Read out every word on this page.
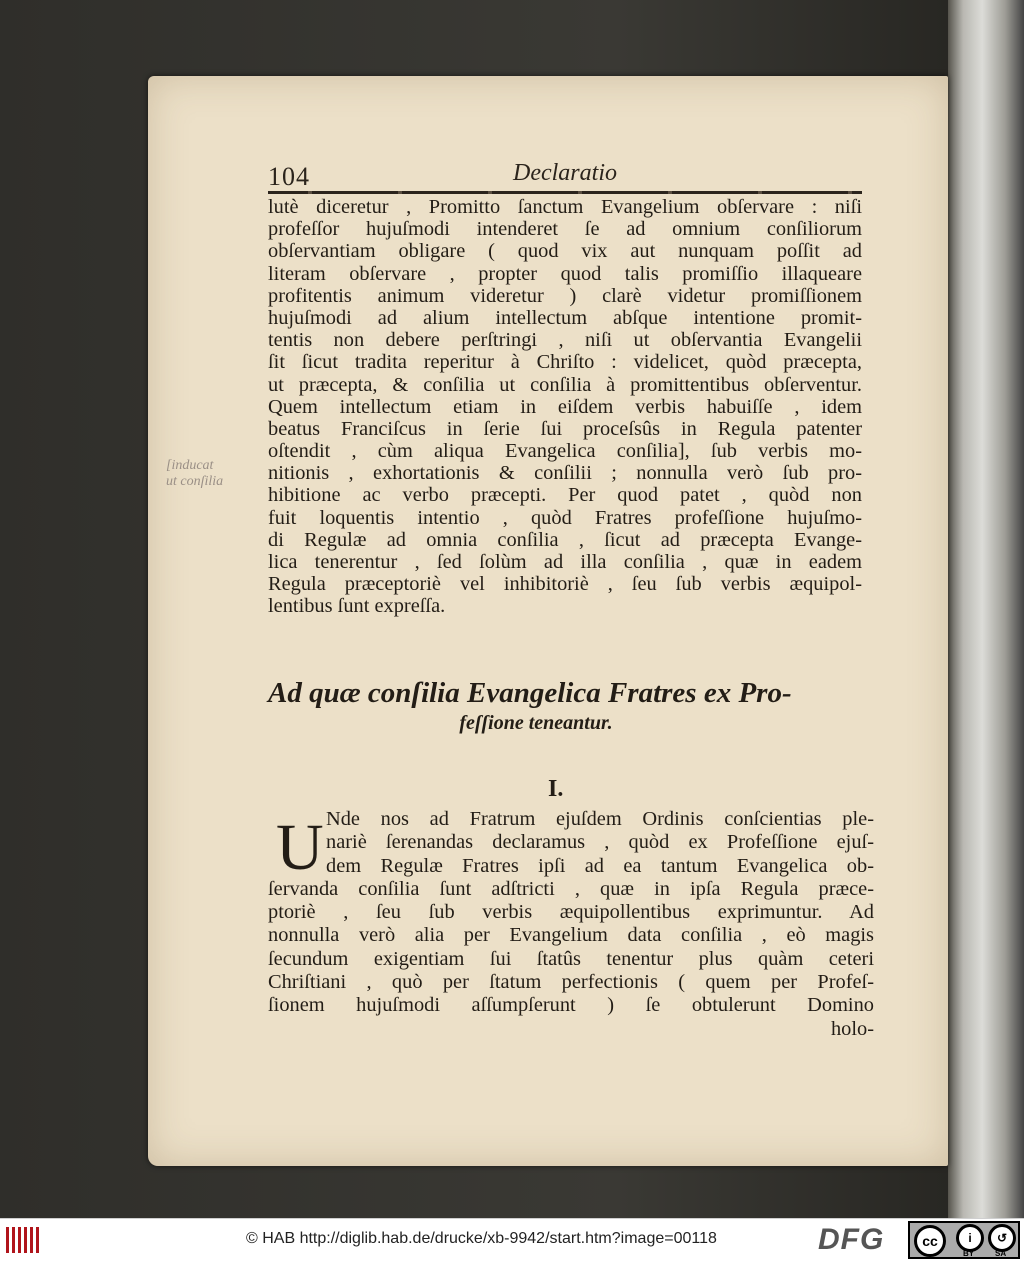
104	Declaratio
lutè diceretur , Promitto ſanctum Evangelium obſervare : niſi
profeſſor hujuſmodi intenderet ſe ad omnium conſiliorum
obſervantiam obligare ( quod vix aut nunquam poſſit ad
literam obſervare , propter quod talis promiſſio illaqueare
profitentis animum videretur ) clarè videtur promiſſionem
hujuſmodi ad alium intellectum abſque intentione promit-
tentis non debere perſtringi , niſi ut obſervantia Evangelii
ſit ſicut tradita reperitur à Chriſto : videlicet, quòd præcepta,
ut præcepta, & conſilia ut conſilia à promittentibus obſerventur.
Quem intellectum etiam in eiſdem verbis habuiſſe , idem
beatus Franciſcus in ſerie ſui proceſsûs in Regula patenter
oſtendit , cùm aliqua Evangelica conſilia], ſub verbis mo-
nitionis , exhortationis & conſilii ; nonnulla verò ſub pro-
hibitione ac verbo præcepti. Per quod patet , quòd non
fuit loquentis intentio , quòd Fratres profeſſione hujuſmo-
di Regulæ ad omnia conſilia , ſicut ad præcepta Evange-
lica tenerentur , ſed ſolùm ad illa conſilia , quæ in eadem
Regula præceptoriè vel inhibitoriè , ſeu ſub verbis æquipol-
lentibus ſunt expreſſa.
[inducat
ut conſilia
Ad quæ conſilia Evangelica Fratres ex Pro-
feſſione teneantur.
I.
U Nde nos ad Fratrum ejuſdem Ordinis conſcientias ple-
nariè ſerenandas declaramus , quòd ex Profeſſione ejuſ-
dem Regulæ Fratres ipſi ad ea tantum Evangelica ob-
ſervanda conſilia ſunt adſtricti , quæ in ipſa Regula præce-
ptoriè , ſeu ſub verbis æquipollentibus exprimuntur. Ad
nonnulla verò alia per Evangelium data conſilia , eò magis
ſecundum exigentiam ſui ſtatûs tenentur plus quàm ceteri
Chriſtiani , quò per ſtatum perfectionis ( quem per Profeſ-
ſionem hujuſmodi aſſumpſerunt ) ſe obtulerunt Domino
holo-
© HAB http://diglib.hab.de/drucke/xb-9942/start.htm?image=00118	DFG	cc	i	↺
BY	SA
